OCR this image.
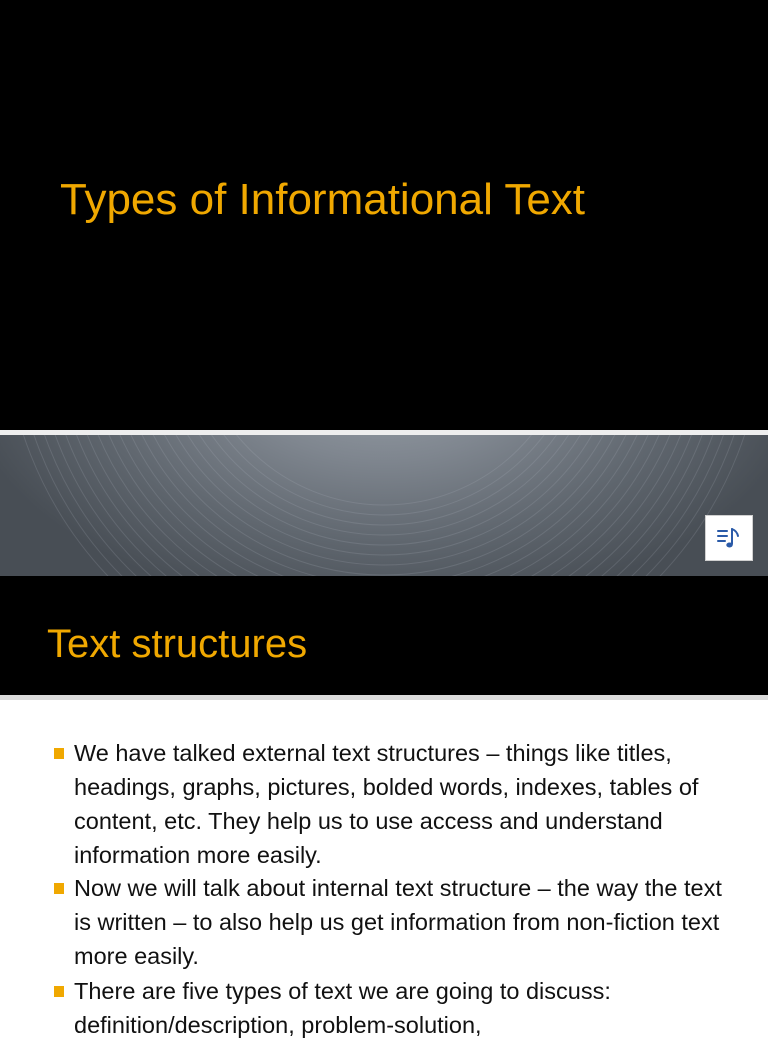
Types of Informational Text
Text structures
We have talked external text structures – things like titles, headings, graphs, pictures, bolded words, indexes, tables of content, etc. They help us to use access and understand information more easily.
Now we will talk about internal text structure – the way the text is written – to also help us get information from non-fiction text more easily.
There are five types of text we are going to discuss: definition/description, problem-solution,
